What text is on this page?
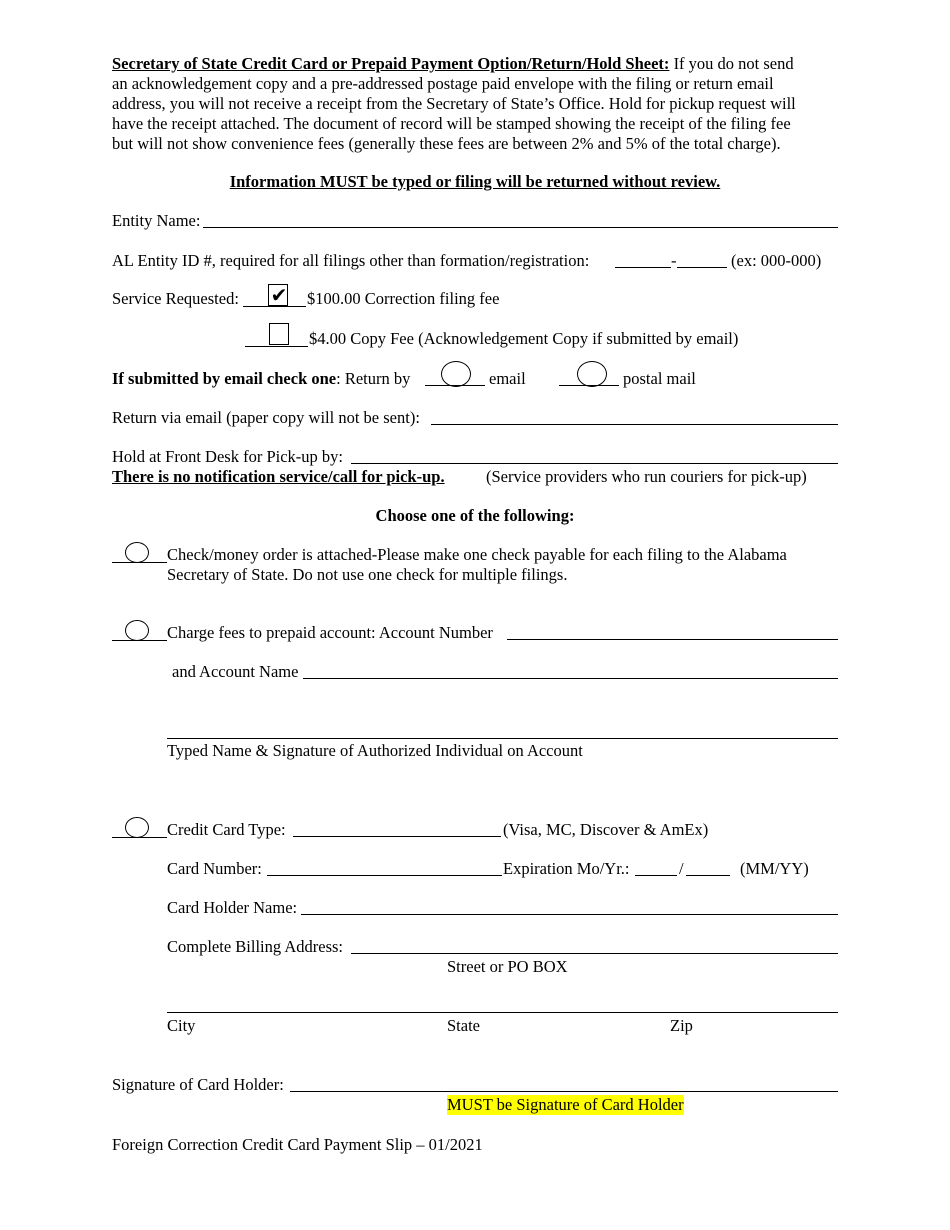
Secretary of State Credit Card or Prepaid Payment Option/Return/Hold Sheet: If you do not send
an acknowledgement copy and a pre-addressed postage paid envelope with the filing or return email
address, you will not receive a receipt from the Secretary of State’s Office. Hold for pickup request will
have the receipt attached. The document of record will be stamped showing the receipt of the filing fee
but will not show convenience fees (generally these fees are between 2% and 5% of the total charge).
Information MUST be typed or filing will be returned without review.
Entity Name:
AL Entity ID #, required for all filings other than formation/registration:	-	(ex: 000-000)
Service Requested: ✔ $100.00 Correction filing fee
$4.00 Copy Fee (Acknowledgement Copy if submitted by email)
If submitted by email check one: Return by	email	postal mail
Return via email (paper copy will not be sent):
Hold at Front Desk for Pick-up by:
There is no notification service/call for pick-up.	(Service providers who run couriers for pick-up)
Choose one of the following:
Check/money order is attached-Please make one check payable for each filing to the Alabama
Secretary of State. Do not use one check for multiple filings.
Charge fees to prepaid account: Account Number
and Account Name
Typed Name & Signature of Authorized Individual on Account
Credit Card Type:	(Visa, MC, Discover & AmEx)
Card Number:	Expiration Mo/Yr.:	/	(MM/YY)
Card Holder Name:
Complete Billing Address:
Street or PO BOX
City	State	Zip
Signature of Card Holder:
MUST be Signature of Card Holder
Foreign Correction Credit Card Payment Slip – 01/2021
